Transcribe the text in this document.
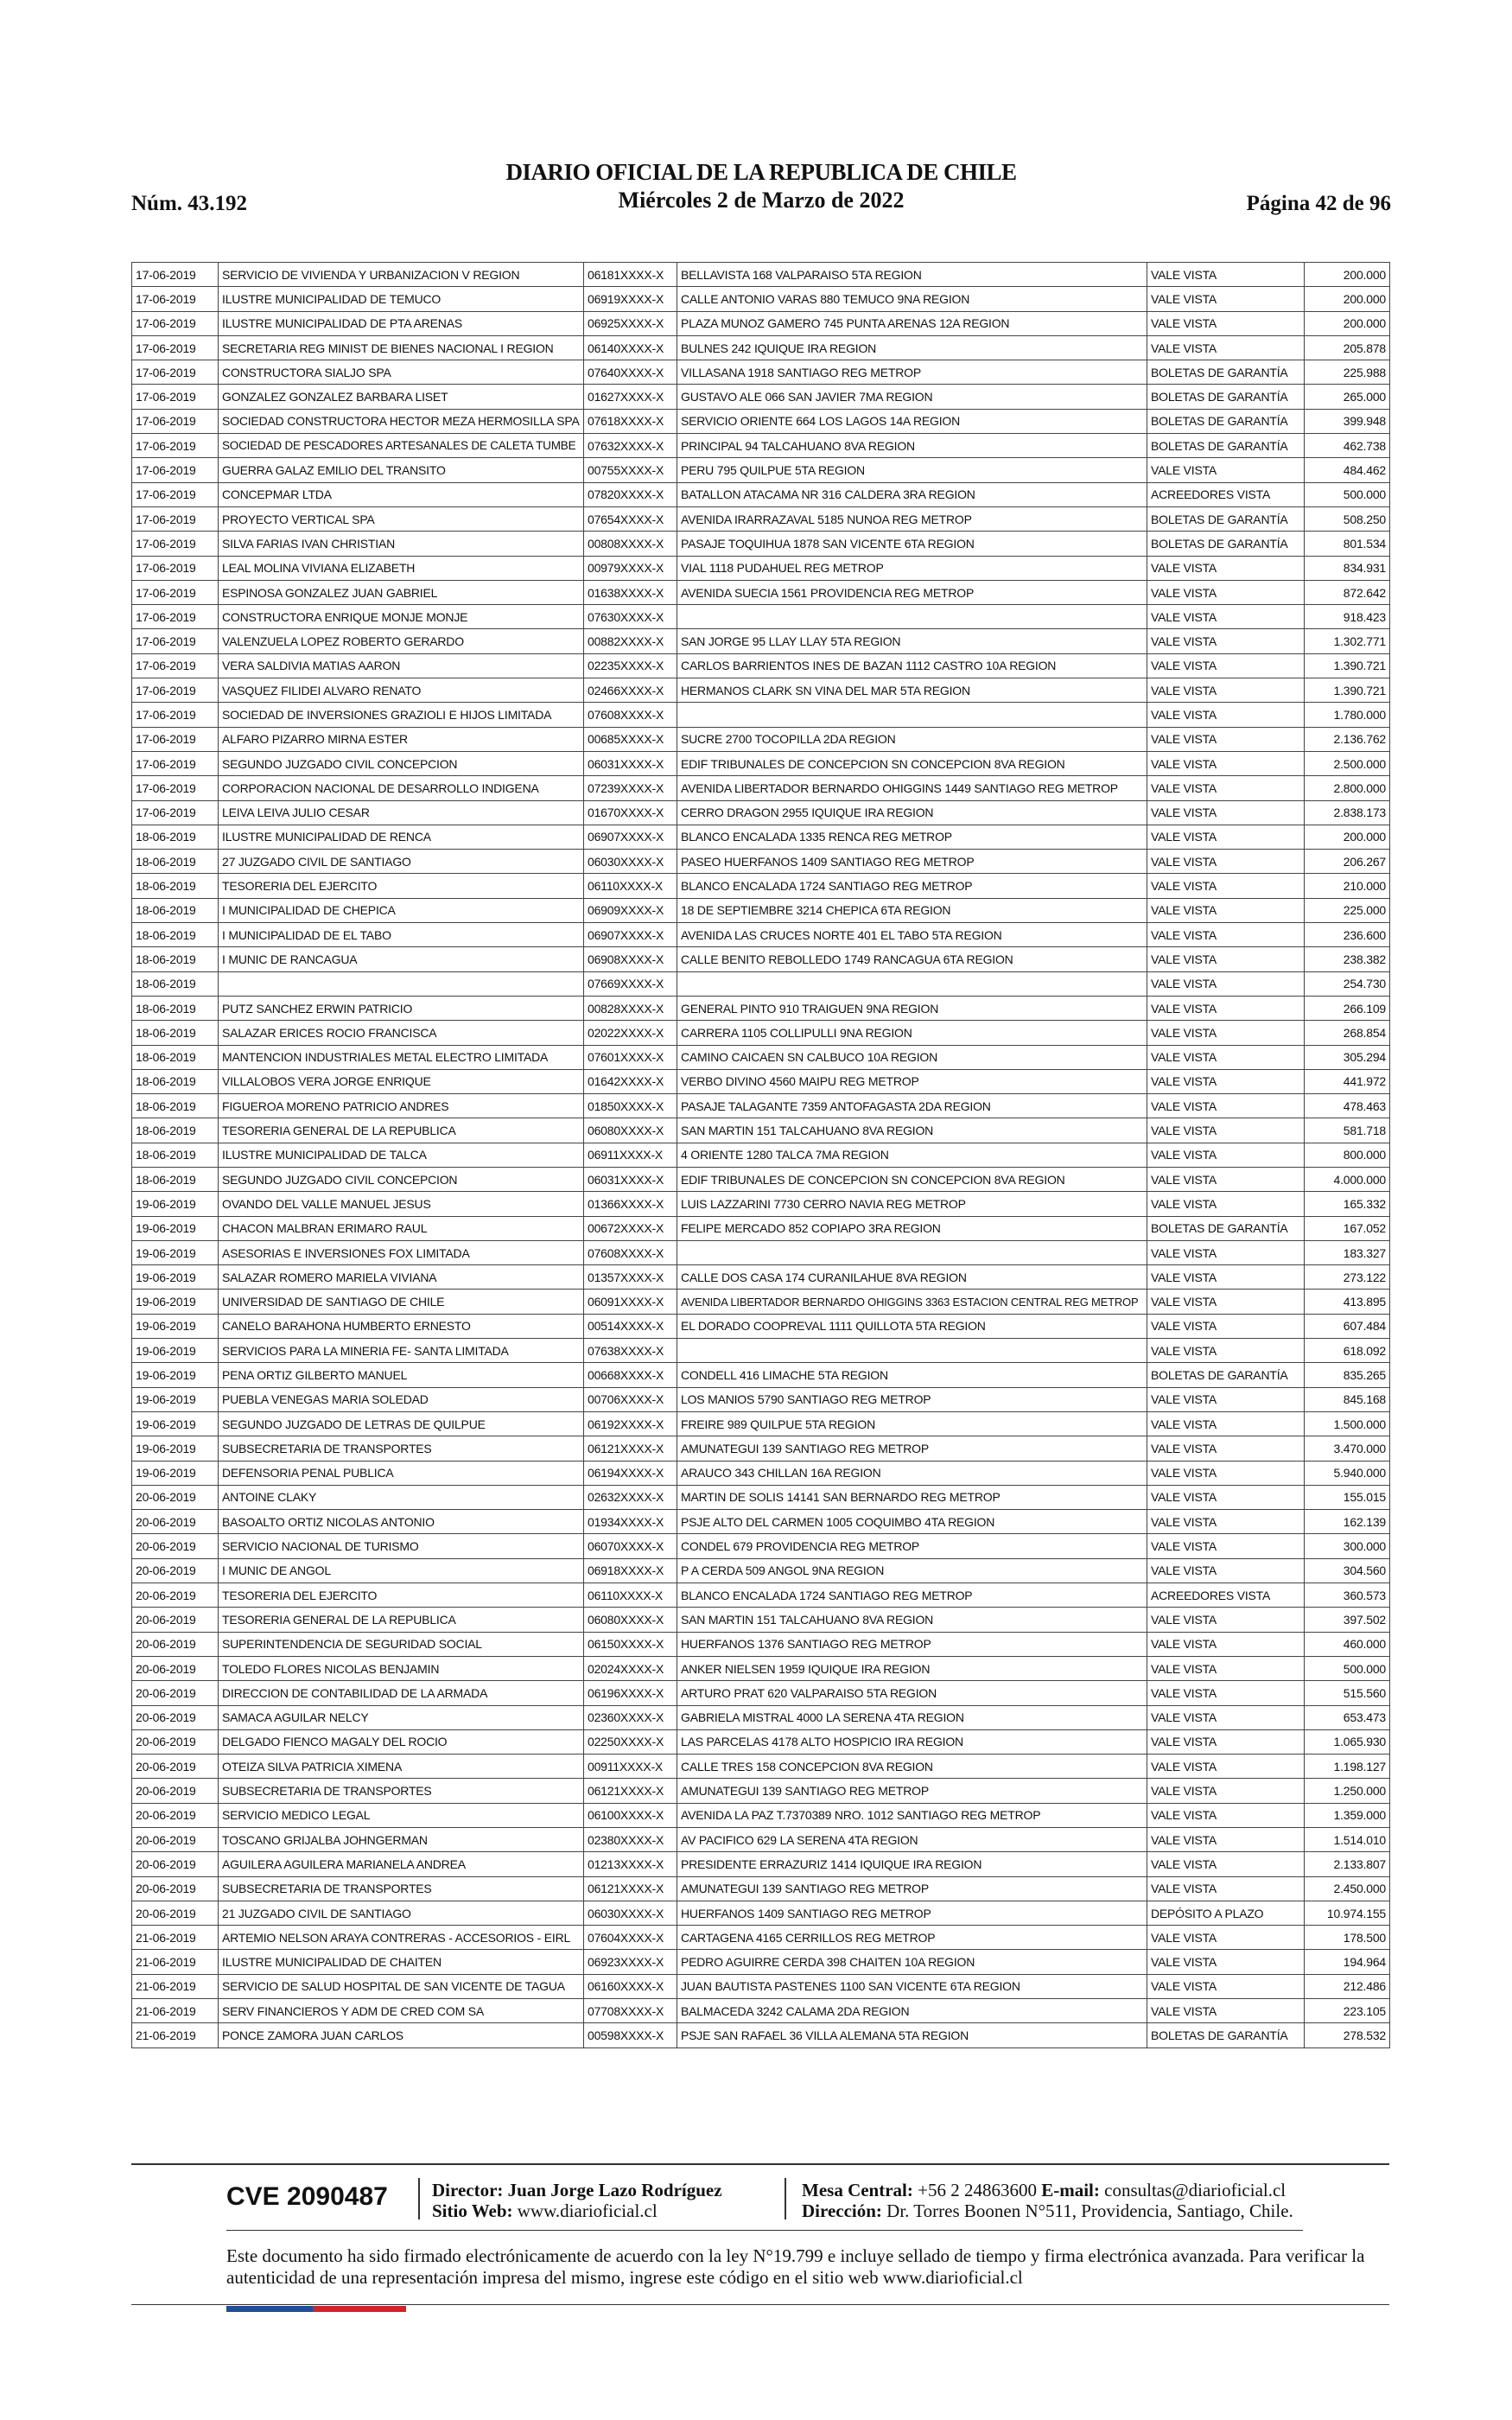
Núm. 43.192
DIARIO OFICIAL DE LA REPUBLICA DE CHILE
Miércoles 2 de Marzo de 2022	Página 42 de 96
17-06-2019	SERVICIO DE VIVIENDA Y URBANIZACION V REGION	06181XXXX-X	BELLAVISTA 168 VALPARAISO 5TA REGION	VALE VISTA	200.000
17-06-2019	ILUSTRE MUNICIPALIDAD DE TEMUCO	06919XXXX-X	CALLE ANTONIO VARAS 880 TEMUCO 9NA REGION	VALE VISTA	200.000
17-06-2019	ILUSTRE MUNICIPALIDAD DE PTA ARENAS	06925XXXX-X	PLAZA MUNOZ GAMERO 745 PUNTA ARENAS 12A REGION	VALE VISTA	200.000
17-06-2019	SECRETARIA REG MINIST DE BIENES NACIONAL I REGION	06140XXXX-X	BULNES 242 IQUIQUE IRA REGION	VALE VISTA	205.878
17-06-2019	CONSTRUCTORA SIALJO SPA	07640XXXX-X	VILLASANA 1918 SANTIAGO REG METROP	BOLETAS DE GARANTÍA	225.988
17-06-2019	GONZALEZ GONZALEZ BARBARA LISET	01627XXXX-X	GUSTAVO ALE 066 SAN JAVIER 7MA REGION	BOLETAS DE GARANTÍA	265.000
17-06-2019	SOCIEDAD CONSTRUCTORA HECTOR MEZA HERMOSILLA SPA	07618XXXX-X	SERVICIO ORIENTE 664 LOS LAGOS 14A REGION	BOLETAS DE GARANTÍA	399.948
17-06-2019	SOCIEDAD DE PESCADORES ARTESANALES DE CALETA TUMBE	07632XXXX-X	PRINCIPAL 94 TALCAHUANO 8VA REGION	BOLETAS DE GARANTÍA	462.738
17-06-2019	GUERRA GALAZ EMILIO DEL TRANSITO	00755XXXX-X	PERU 795 QUILPUE 5TA REGION	VALE VISTA	484.462
17-06-2019	CONCEPMAR LTDA	07820XXXX-X	BATALLON ATACAMA NR 316 CALDERA 3RA REGION	ACREEDORES VISTA	500.000
17-06-2019	PROYECTO VERTICAL SPA	07654XXXX-X	AVENIDA IRARRAZAVAL 5185 NUNOA REG METROP	BOLETAS DE GARANTÍA	508.250
17-06-2019	SILVA FARIAS IVAN CHRISTIAN	00808XXXX-X	PASAJE TOQUIHUA 1878 SAN VICENTE 6TA REGION	BOLETAS DE GARANTÍA	801.534
17-06-2019	LEAL MOLINA VIVIANA ELIZABETH	00979XXXX-X	VIAL 1118 PUDAHUEL REG METROP	VALE VISTA	834.931
17-06-2019	ESPINOSA GONZALEZ JUAN GABRIEL	01638XXXX-X	AVENIDA SUECIA 1561 PROVIDENCIA REG METROP	VALE VISTA	872.642
17-06-2019	CONSTRUCTORA ENRIQUE MONJE MONJE	07630XXXX-X		VALE VISTA	918.423
17-06-2019	VALENZUELA LOPEZ ROBERTO GERARDO	00882XXXX-X	SAN JORGE 95 LLAY LLAY 5TA REGION	VALE VISTA	1.302.771
17-06-2019	VERA SALDIVIA MATIAS AARON	02235XXXX-X	CARLOS BARRIENTOS INES DE BAZAN 1112 CASTRO 10A REGION	VALE VISTA	1.390.721
17-06-2019	VASQUEZ FILIDEI ALVARO RENATO	02466XXXX-X	HERMANOS CLARK SN VINA DEL MAR 5TA REGION	VALE VISTA	1.390.721
17-06-2019	SOCIEDAD DE INVERSIONES GRAZIOLI E HIJOS LIMITADA	07608XXXX-X		VALE VISTA	1.780.000
17-06-2019	ALFARO PIZARRO MIRNA ESTER	00685XXXX-X	SUCRE 2700 TOCOPILLA 2DA REGION	VALE VISTA	2.136.762
17-06-2019	SEGUNDO JUZGADO CIVIL CONCEPCION	06031XXXX-X	EDIF TRIBUNALES DE CONCEPCION SN CONCEPCION 8VA REGION	VALE VISTA	2.500.000
17-06-2019	CORPORACION NACIONAL DE DESARROLLO INDIGENA	07239XXXX-X	AVENIDA LIBERTADOR BERNARDO OHIGGINS 1449 SANTIAGO REG METROP	VALE VISTA	2.800.000
17-06-2019	LEIVA LEIVA JULIO CESAR	01670XXXX-X	CERRO DRAGON 2955 IQUIQUE IRA REGION	VALE VISTA	2.838.173
18-06-2019	ILUSTRE MUNICIPALIDAD DE RENCA	06907XXXX-X	BLANCO ENCALADA 1335 RENCA REG METROP	VALE VISTA	200.000
18-06-2019	27 JUZGADO CIVIL DE SANTIAGO	06030XXXX-X	PASEO HUERFANOS 1409 SANTIAGO REG METROP	VALE VISTA	206.267
18-06-2019	TESORERIA DEL EJERCITO	06110XXXX-X	BLANCO ENCALADA 1724 SANTIAGO REG METROP	VALE VISTA	210.000
18-06-2019	I MUNICIPALIDAD DE CHEPICA	06909XXXX-X	18 DE SEPTIEMBRE 3214 CHEPICA 6TA REGION	VALE VISTA	225.000
18-06-2019	I MUNICIPALIDAD DE EL TABO	06907XXXX-X	AVENIDA LAS CRUCES NORTE 401 EL TABO 5TA REGION	VALE VISTA	236.600
18-06-2019	I MUNIC DE RANCAGUA	06908XXXX-X	CALLE BENITO REBOLLEDO 1749 RANCAGUA 6TA REGION	VALE VISTA	238.382
18-06-2019		07669XXXX-X		VALE VISTA	254.730
18-06-2019	PUTZ SANCHEZ ERWIN PATRICIO	00828XXXX-X	GENERAL PINTO 910 TRAIGUEN 9NA REGION	VALE VISTA	266.109
18-06-2019	SALAZAR ERICES ROCIO FRANCISCA	02022XXXX-X	CARRERA 1105 COLLIPULLI 9NA REGION	VALE VISTA	268.854
18-06-2019	MANTENCION INDUSTRIALES METAL ELECTRO LIMITADA	07601XXXX-X	CAMINO CAICAEN SN CALBUCO 10A REGION	VALE VISTA	305.294
18-06-2019	VILLALOBOS VERA JORGE ENRIQUE	01642XXXX-X	VERBO DIVINO 4560 MAIPU REG METROP	VALE VISTA	441.972
18-06-2019	FIGUEROA MORENO PATRICIO ANDRES	01850XXXX-X	PASAJE TALAGANTE 7359 ANTOFAGASTA 2DA REGION	VALE VISTA	478.463
18-06-2019	TESORERIA GENERAL DE LA REPUBLICA	06080XXXX-X	SAN MARTIN 151 TALCAHUANO 8VA REGION	VALE VISTA	581.718
18-06-2019	ILUSTRE MUNICIPALIDAD DE TALCA	06911XXXX-X	4 ORIENTE 1280 TALCA 7MA REGION	VALE VISTA	800.000
18-06-2019	SEGUNDO JUZGADO CIVIL CONCEPCION	06031XXXX-X	EDIF TRIBUNALES DE CONCEPCION SN CONCEPCION 8VA REGION	VALE VISTA	4.000.000
19-06-2019	OVANDO DEL VALLE MANUEL JESUS	01366XXXX-X	LUIS LAZZARINI 7730 CERRO NAVIA REG METROP	VALE VISTA	165.332
19-06-2019	CHACON MALBRAN ERIMARO RAUL	00672XXXX-X	FELIPE MERCADO 852 COPIAPO 3RA REGION	BOLETAS DE GARANTÍA	167.052
19-06-2019	ASESORIAS E INVERSIONES FOX LIMITADA	07608XXXX-X		VALE VISTA	183.327
19-06-2019	SALAZAR ROMERO MARIELA VIVIANA	01357XXXX-X	CALLE DOS CASA 174 CURANILAHUE 8VA REGION	VALE VISTA	273.122
19-06-2019	UNIVERSIDAD DE SANTIAGO DE CHILE	06091XXXX-X	AVENIDA LIBERTADOR BERNARDO OHIGGINS 3363 ESTACION CENTRAL REG METROP	VALE VISTA	413.895
19-06-2019	CANELO BARAHONA HUMBERTO ERNESTO	00514XXXX-X	EL DORADO COOPREVAL 1111 QUILLOTA 5TA REGION	VALE VISTA	607.484
19-06-2019	SERVICIOS PARA LA MINERIA FE- SANTA LIMITADA	07638XXXX-X		VALE VISTA	618.092
19-06-2019	PENA ORTIZ GILBERTO MANUEL	00668XXXX-X	CONDELL 416 LIMACHE 5TA REGION	BOLETAS DE GARANTÍA	835.265
19-06-2019	PUEBLA VENEGAS MARIA SOLEDAD	00706XXXX-X	LOS MANIOS 5790 SANTIAGO REG METROP	VALE VISTA	845.168
19-06-2019	SEGUNDO JUZGADO DE LETRAS DE QUILPUE	06192XXXX-X	FREIRE 989 QUILPUE 5TA REGION	VALE VISTA	1.500.000
19-06-2019	SUBSECRETARIA DE TRANSPORTES	06121XXXX-X	AMUNATEGUI 139 SANTIAGO REG METROP	VALE VISTA	3.470.000
19-06-2019	DEFENSORIA PENAL PUBLICA	06194XXXX-X	ARAUCO 343 CHILLAN 16A REGION	VALE VISTA	5.940.000
20-06-2019	ANTOINE CLAKY	02632XXXX-X	MARTIN DE SOLIS 14141 SAN BERNARDO REG METROP	VALE VISTA	155.015
20-06-2019	BASOALTO ORTIZ NICOLAS ANTONIO	01934XXXX-X	PSJE ALTO DEL CARMEN 1005 COQUIMBO 4TA REGION	VALE VISTA	162.139
20-06-2019	SERVICIO NACIONAL DE TURISMO	06070XXXX-X	CONDEL 679 PROVIDENCIA REG METROP	VALE VISTA	300.000
20-06-2019	I MUNIC DE ANGOL	06918XXXX-X	P A CERDA 509 ANGOL 9NA REGION	VALE VISTA	304.560
20-06-2019	TESORERIA DEL EJERCITO	06110XXXX-X	BLANCO ENCALADA 1724 SANTIAGO REG METROP	ACREEDORES VISTA	360.573
20-06-2019	TESORERIA GENERAL DE LA REPUBLICA	06080XXXX-X	SAN MARTIN 151 TALCAHUANO 8VA REGION	VALE VISTA	397.502
20-06-2019	SUPERINTENDENCIA DE SEGURIDAD SOCIAL	06150XXXX-X	HUERFANOS 1376 SANTIAGO REG METROP	VALE VISTA	460.000
20-06-2019	TOLEDO FLORES NICOLAS BENJAMIN	02024XXXX-X	ANKER NIELSEN 1959 IQUIQUE IRA REGION	VALE VISTA	500.000
20-06-2019	DIRECCION DE CONTABILIDAD DE LA ARMADA	06196XXXX-X	ARTURO PRAT 620 VALPARAISO 5TA REGION	VALE VISTA	515.560
20-06-2019	SAMACA AGUILAR NELCY	02360XXXX-X	GABRIELA MISTRAL 4000 LA SERENA 4TA REGION	VALE VISTA	653.473
20-06-2019	DELGADO FIENCO MAGALY DEL ROCIO	02250XXXX-X	LAS PARCELAS 4178 ALTO HOSPICIO IRA REGION	VALE VISTA	1.065.930
20-06-2019	OTEIZA SILVA PATRICIA XIMENA	00911XXXX-X	CALLE TRES 158 CONCEPCION 8VA REGION	VALE VISTA	1.198.127
20-06-2019	SUBSECRETARIA DE TRANSPORTES	06121XXXX-X	AMUNATEGUI 139 SANTIAGO REG METROP	VALE VISTA	1.250.000
20-06-2019	SERVICIO MEDICO LEGAL	06100XXXX-X	AVENIDA LA PAZ T.7370389 NRO. 1012 SANTIAGO REG METROP	VALE VISTA	1.359.000
20-06-2019	TOSCANO GRIJALBA JOHNGERMAN	02380XXXX-X	AV PACIFICO 629 LA SERENA 4TA REGION	VALE VISTA	1.514.010
20-06-2019	AGUILERA AGUILERA MARIANELA ANDREA	01213XXXX-X	PRESIDENTE ERRAZURIZ 1414 IQUIQUE IRA REGION	VALE VISTA	2.133.807
20-06-2019	SUBSECRETARIA DE TRANSPORTES	06121XXXX-X	AMUNATEGUI 139 SANTIAGO REG METROP	VALE VISTA	2.450.000
20-06-2019	21 JUZGADO CIVIL DE SANTIAGO	06030XXXX-X	HUERFANOS 1409 SANTIAGO REG METROP	DEPÓSITO A PLAZO	10.974.155
21-06-2019	ARTEMIO NELSON ARAYA CONTRERAS - ACCESORIOS - EIRL	07604XXXX-X	CARTAGENA 4165 CERRILLOS REG METROP	VALE VISTA	178.500
21-06-2019	ILUSTRE MUNICIPALIDAD DE CHAITEN	06923XXXX-X	PEDRO AGUIRRE CERDA 398 CHAITEN 10A REGION	VALE VISTA	194.964
21-06-2019	SERVICIO DE SALUD HOSPITAL DE SAN VICENTE DE TAGUA	06160XXXX-X	JUAN BAUTISTA PASTENES 1100 SAN VICENTE 6TA REGION	VALE VISTA	212.486
21-06-2019	SERV FINANCIEROS Y ADM DE CRED COM SA	07708XXXX-X	BALMACEDA 3242 CALAMA 2DA REGION	VALE VISTA	223.105
21-06-2019	PONCE ZAMORA JUAN CARLOS	00598XXXX-X	PSJE SAN RAFAEL 36 VILLA ALEMANA 5TA REGION	BOLETAS DE GARANTÍA	278.532
CVE 2090487 Director: Juan Jorge Lazo Rodríguez
Sitio Web: www.diarioficial.cl
Mesa Central: +56 2 24863600 E-mail: consultas@diarioficial.cl
Dirección: Dr. Torres Boonen N°511, Providencia, Santiago, Chile.
Este documento ha sido firmado electrónicamente de acuerdo con la ley N°19.799 e incluye sellado de tiempo y firma electrónica avanzada. Para verificar la autenticidad de una representación impresa del mismo, ingrese este código en el sitio web www.diarioficial.cl
